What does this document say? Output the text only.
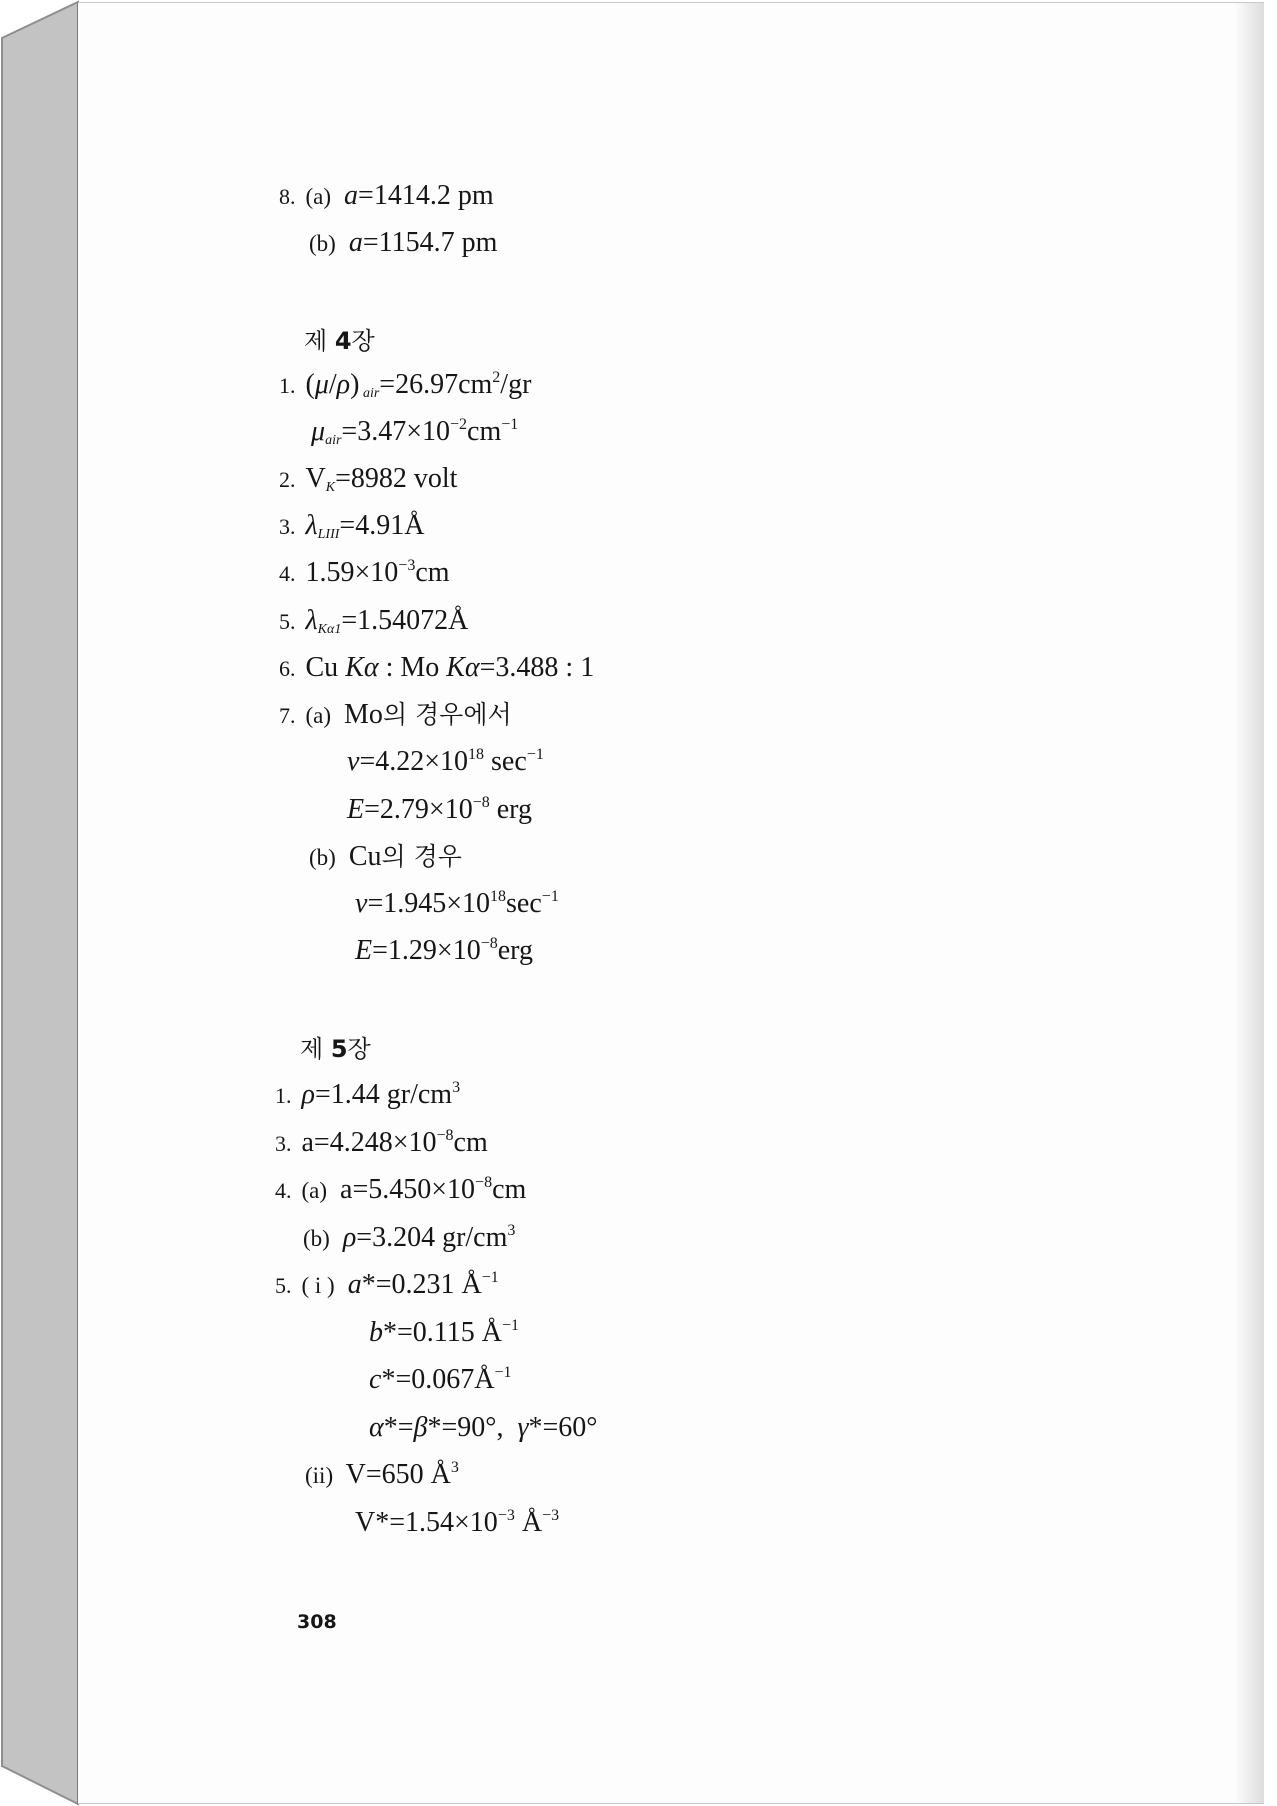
8. (a) a=1414.2 pm
(b) a=1154.7 pm
제 4장
1. (μ/ρ) $_{air}=26.97cm^2/gr$
$\mu_{air}=3.47\times 10^{-2}cm^{-1}$
2. $V_K=8982$ volt
3. $\lambda_{LIII}=4.91Å$
4. $1.59\times 10^{-3}cm$
5. $\lambda_{K\alpha 1}=1.54072Å$
6. Cu Kα : Mo Kα=3.488 : 1
7. (a) Mo의 경우에서
$\nu=4.22\times 10^{18}$ $\sec^{-1}$
$E=2.79\times 10^{-8}$ erg
(b) Cu의 경우
$\nu=1.945\times 10^{18}\sec^{-1}$
$E=1.29\times 10^{-8}erg$
제 5장
1. ρ=1.44 $gr/cm^3$
3. $a=4.248\times 10^{-8}cm$
4. (a) $a=5.450\times 10^{-8}cm$
(b) ρ=3.204 $gr/cm^3$
5. ( i ) a*=0.231 $Å^{-1}$
b*=0.115 $Å^{-1}$
$c*=0.067Å^{-1}$
α*=β*=90°,  γ*=60°
(ii) V=650 $Å^3$
$V*=1.54\times 10^{-3}$ $Å^{-3}$
308
